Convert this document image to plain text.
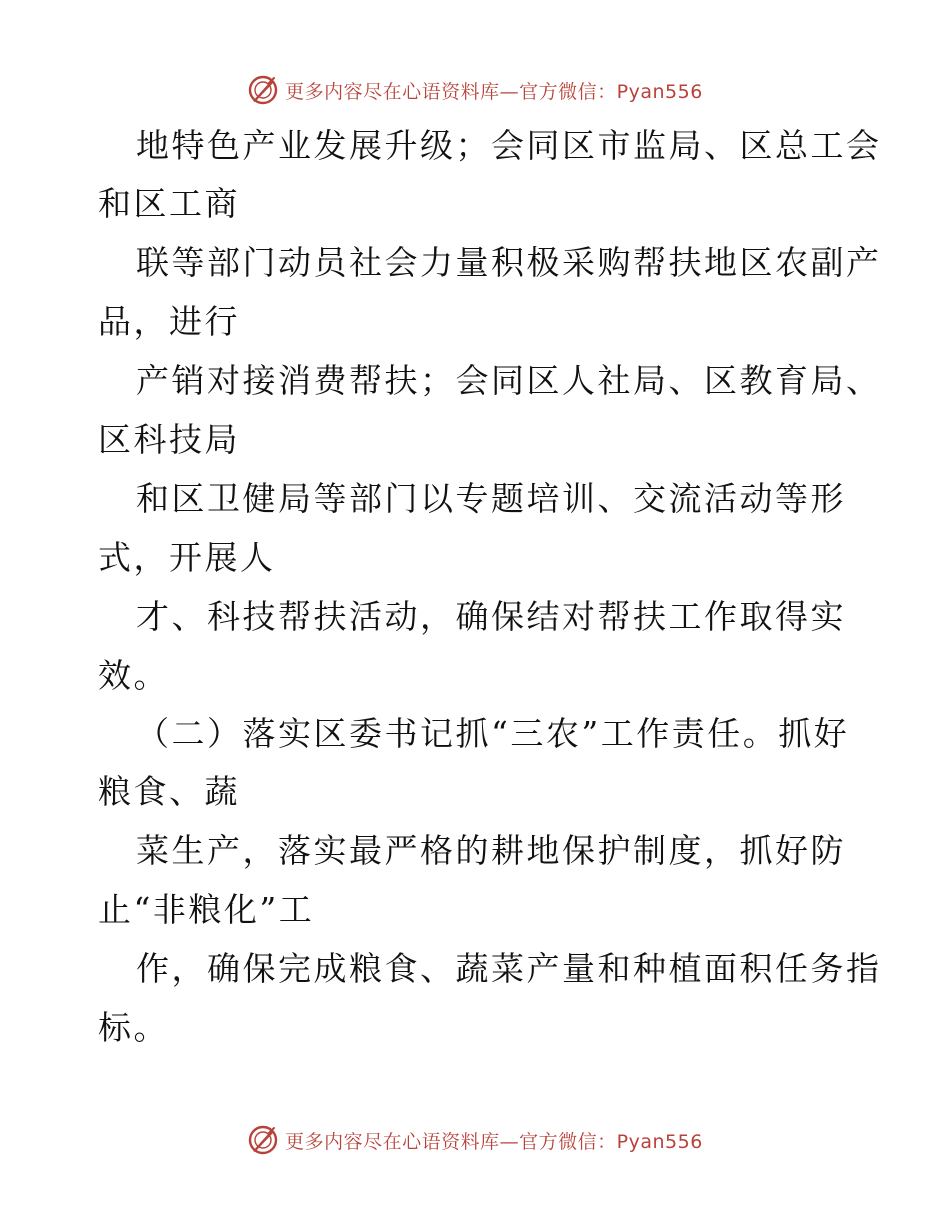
更多内容尽在心语资料库—官方微信：Pyan556
地特色产业发展升级；会同区市监局、区总工会
和区工商
联等部门动员社会力量积极采购帮扶地区农副产
品，进行
产销对接消费帮扶；会同区人社局、区教育局、
区科技局
和区卫健局等部门以专题培训、交流活动等形
式，开展人
才、科技帮扶活动，确保结对帮扶工作取得实
效。
（二）落实区委书记抓“三农”工作责任。抓好
粮食、蔬
菜生产，落实最严格的耕地保护制度，抓好防
止“非粮化”工
作，确保完成粮食、蔬菜产量和种植面积任务指
标。
更多内容尽在心语资料库—官方微信：Pyan556
